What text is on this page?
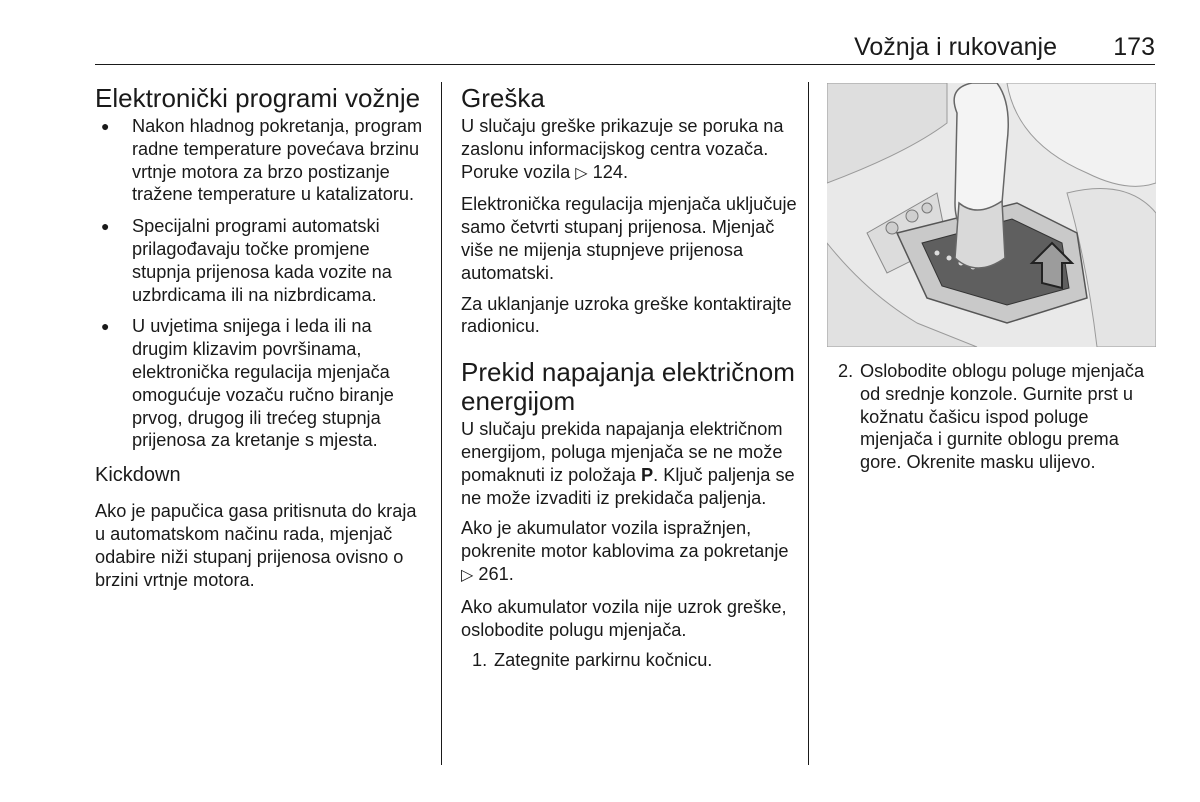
Vožnja i rukovanje 173
Elektronički programi vožnje
● Nakon hladnog pokretanja, program radne temperature povećava brzinu vrtnje motora za brzo postizanje tražene temperature u katalizatoru.
● Specijalni programi automatski prilagođavaju točke promjene stupnja prijenosa kada vozite na uzbrdicama ili na nizbrdicama.
● U uvjetima snijega i leda ili na drugim klizavim površinama, elektronička regulacija mjenjača omogućuje vozaču ručno biranje prvog, drugog ili trećeg stupnja prijenosa za kretanje s mjesta.
Kickdown

Ako je papučica gasa pritisnuta do kraja u automatskom načinu rada, mjenjač odabire niži stupanj prijenosa ovisno o brzini vrtnje motora.

Greška

U slučaju greške prikazuje se poruka na zaslonu informacijskog centra vozača. Poruke vozila ▷ 124.

Elektronička regulacija mjenjača uključuje samo četvrti stupanj prijenosa. Mjenjač više ne mijenja stupnjeve prijenosa automatski.

Za uklanjanje uzroka greške kontaktirajte radionicu.

Prekid napajanja električnom energijom

U slučaju prekida napajanja električnom energijom, poluga mjenjača se ne može pomaknuti iz položaja P. Ključ paljenja se ne može izvaditi iz prekidača paljenja.

Ako je akumulator vozila ispražnjen, pokrenite motor kablovima za pokretanje ▷ 261.

Ako akumulator vozila nije uzrok greške, oslobodite polugu mjenjača.

1. Zategnite parkirnu kočnicu.
2. Oslobodite oblogu poluge mjenjača od srednje konzole. Gurnite prst u kožnatu čašicu ispod poluge mjenjača i gurnite oblogu prema gore. Okrenite masku ulijevo.
